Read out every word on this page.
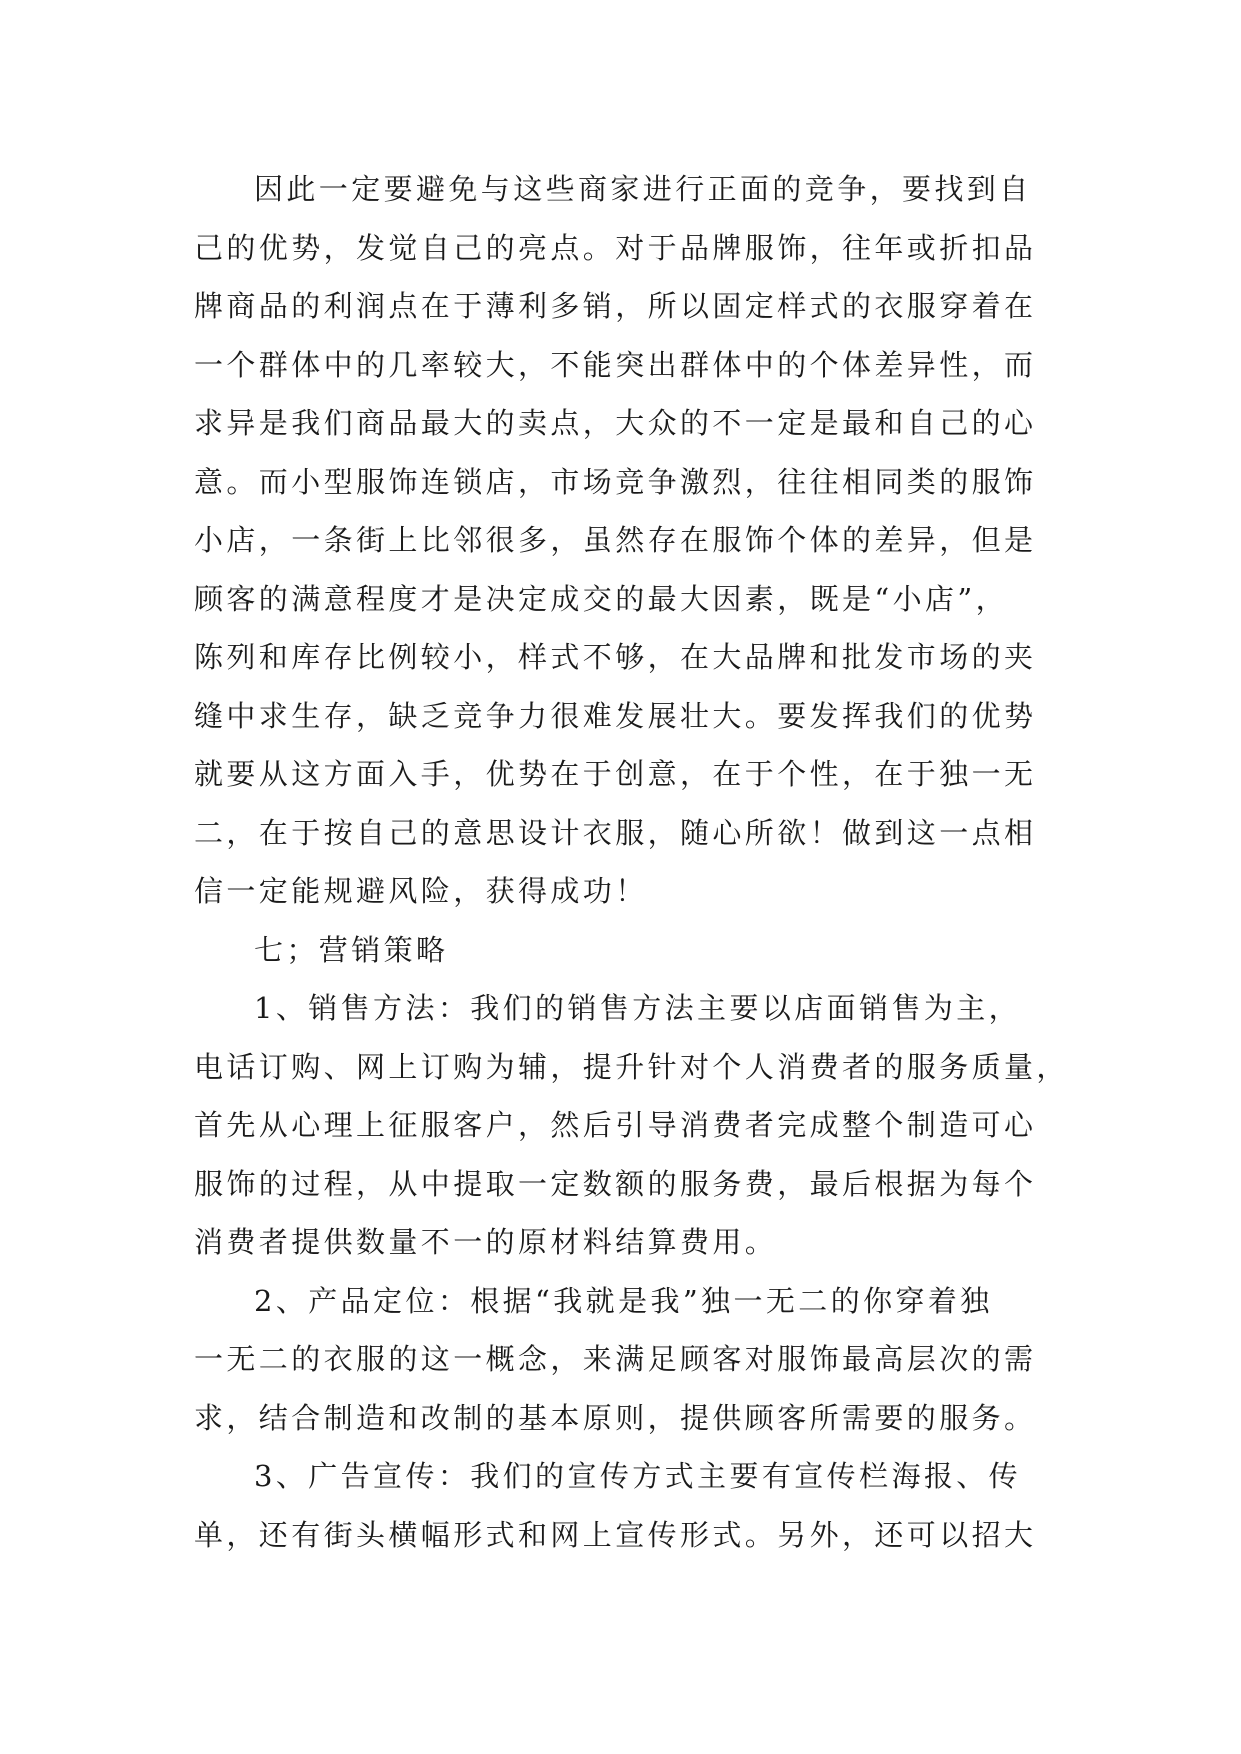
因此一定要避免与这些商家进行正面的竞争，要找到自
己的优势，发觉自己的亮点。对于品牌服饰，往年或折扣品
牌商品的利润点在于薄利多销，所以固定样式的衣服穿着在
一个群体中的几率较大，不能突出群体中的个体差异性，而
求异是我们商品最大的卖点，大众的不一定是最和自己的心
意。而小型服饰连锁店，市场竞争激烈，往往相同类的服饰
小店，一条街上比邻很多，虽然存在服饰个体的差异，但是
顾客的满意程度才是决定成交的最大因素，既是“小店”，
陈列和库存比例较小，样式不够，在大品牌和批发市场的夹
缝中求生存，缺乏竞争力很难发展壮大。要发挥我们的优势
就要从这方面入手，优势在于创意，在于个性，在于独一无
二，在于按自己的意思设计衣服，随心所欲！做到这一点相
信一定能规避风险，获得成功！
七；营销策略
1、销售方法：我们的销售方法主要以店面销售为主，
电话订购、网上订购为辅，提升针对个人消费者的服务质量，
首先从心理上征服客户，然后引导消费者完成整个制造可心
服饰的过程，从中提取一定数额的服务费，最后根据为每个
消费者提供数量不一的原材料结算费用。
2、产品定位：根据“我就是我”独一无二的你穿着独
一无二的衣服的这一概念，来满足顾客对服饰最高层次的需
求，结合制造和改制的基本原则，提供顾客所需要的服务。
3、广告宣传：我们的宣传方式主要有宣传栏海报、传
单，还有街头横幅形式和网上宣传形式。另外，还可以招大
